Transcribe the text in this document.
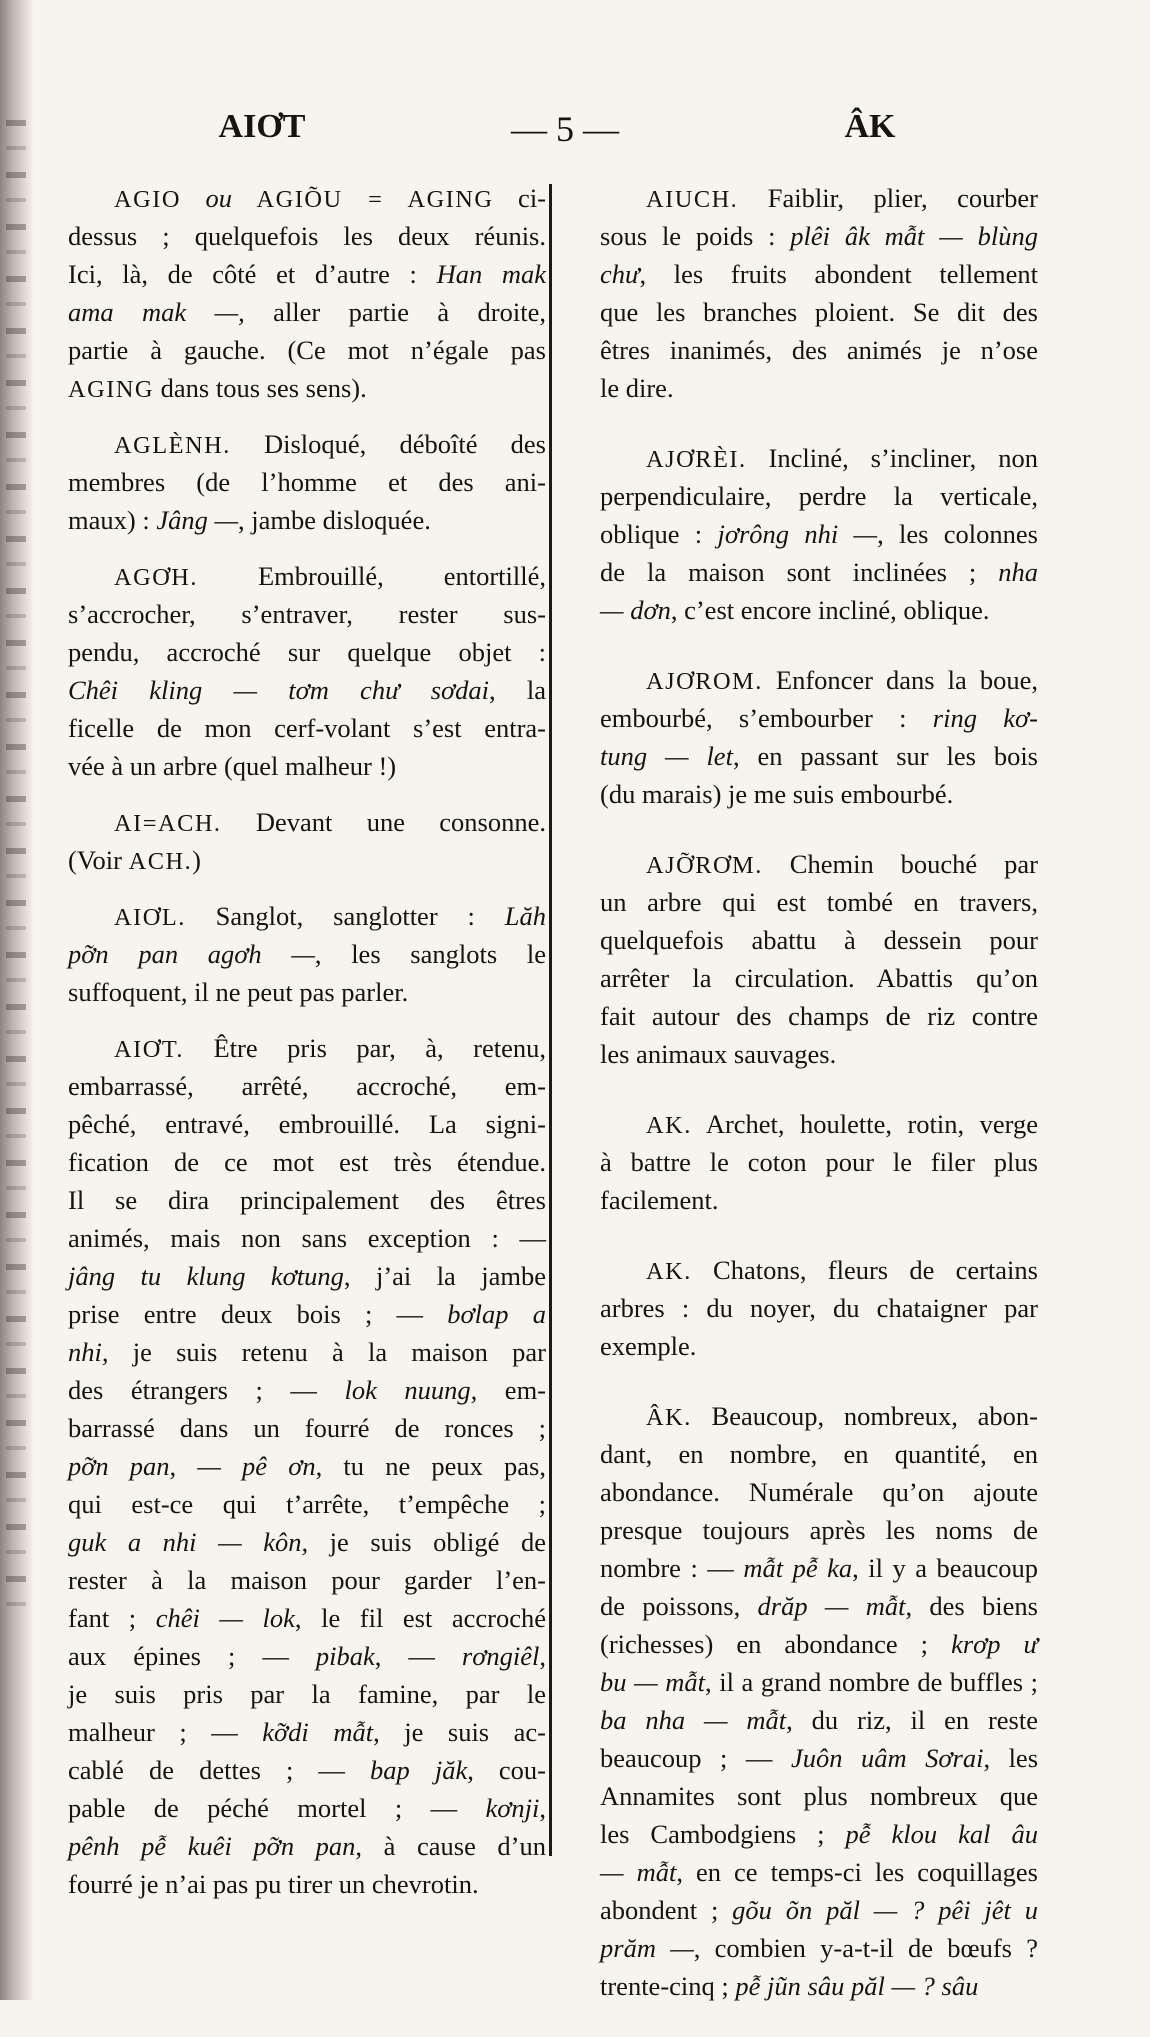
AIƠT	— 5 —	ÂK
AGIO ou AGIÕU = AGING ci-
dessus ; quelquefois les deux réunis.
Ici, là, de côté et d’autre : Han mak
ama mak —, aller partie à droite,
partie à gauche. (Ce mot n’égale pas
AGING dans tous ses sens).
AGLÈNH. Disloqué, déboîté des
membres (de l’homme et des ani-
maux) : Jâng —, jambe disloquée.
AGƠH. Embrouillé, entortillé,
s’accrocher, s’entraver, rester sus-
pendu, accroché sur quelque objet :
Chêi kling — tơm chư sơdai, la
ficelle de mon cerf-volant s’est entra-
vée à un arbre (quel malheur !)
AI=ACH. Devant une consonne.
(Voir ACH.)
AIƠL. Sanglot, sanglotter : Lăh
pỡn pan agơh —, les sanglots le
suffoquent, il ne peut pas parler.
AIƠT. Être pris par, à, retenu,
embarrassé, arrêté, accroché, em-
pêché, entravé, embrouillé. La signi-
fication de ce mot est très étendue.
Il se dira principalement des êtres
animés, mais non sans exception : —
jâng tu klung kơtung, j’ai la jambe
prise entre deux bois ; — bơlap a
nhi, je suis retenu à la maison par
des étrangers ; — lok nuung, em-
barrassé dans un fourré de ronces ;
pỡn pan, — pê ơn, tu ne peux pas,
qui est-ce qui t’arrête, t’empêche ;
guk a nhi — kôn, je suis obligé de
rester à la maison pour garder l’en-
fant ; chêi — lok, le fil est accroché
aux épines ; — pibak, — rơngiêl,
je suis pris par la famine, par le
malheur ; — kỡdi mẫt, je suis ac-
cablé de dettes ; — bap jăk, cou-
pable de péché mortel ; — kơnji,
pênh pễ kuêi pỡn pan, à cause d’un
fourré je n’ai pas pu tirer un chevrotin.
AIUCH. Faiblir, plier, courber
sous le poids : plêi âk mẫt — blùng
chư, les fruits abondent tellement
que les branches ploient. Se dit des
êtres inanimés, des animés je n’ose
le dire.
AJƠRÈI. Incliné, s’incliner, non
perpendiculaire, perdre la verticale,
oblique : jơrông nhi —, les colonnes
de la maison sont inclinées ; nha
— dơn, c’est encore incliné, oblique.
AJƠROM. Enfoncer dans la boue,
embourbé, s’embourber : ring kơ-
tung — let, en passant sur les bois
(du marais) je me suis embourbé.
AJỠRƠM. Chemin bouché par
un arbre qui est tombé en travers,
quelquefois abattu à dessein pour
arrêter la circulation. Abattis qu’on
fait autour des champs de riz contre
les animaux sauvages.
AK. Archet, houlette, rotin, verge
à battre le coton pour le filer plus
facilement.
AK. Chatons, fleurs de certains
arbres : du noyer, du chataigner par
exemple.
ÂK. Beaucoup, nombreux, abon-
dant, en nombre, en quantité, en
abondance. Numérale qu’on ajoute
presque toujours après les noms de
nombre : — mẫt pễ ka, il y a beaucoup
de poissons, drăp — mẫt, des biens
(richesses) en abondance ; krơp ư
bu — mẫt, il a grand nombre de buffles ;
ba nha — mẫt, du riz, il en reste
beaucoup ; — Juôn uâm Sơrai, les
Annamites sont plus nombreux que
les Cambodgiens ; pễ klou kal âu
— mẫt, en ce temps-ci les coquillages
abondent ; gõu õn păl — ? pêi jêt u
prăm —, combien y-a-t-il de bœufs ?
trente-cinq ; pễ jũn sâu păl — ? sâu
